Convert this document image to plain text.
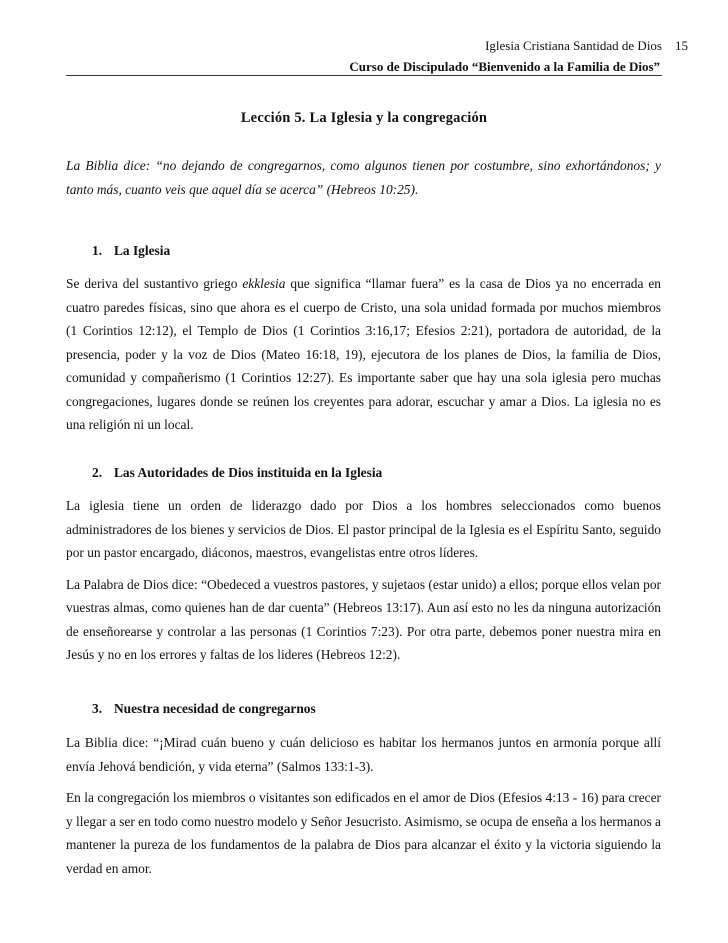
Iglesia Cristiana Santidad de Dios 15
Curso de Discipulado “Bienvenido a la Familia de Dios”
Lección 5. La Iglesia y la congregación

La Biblia dice: “no dejando de congregarnos, como algunos tienen por costumbre, sino exhortándonos; y tanto más, cuanto veis que aquel día se acerca” (Hebreos 10:25).

1. La Iglesia

Se deriva del sustantivo griego ekklesia que significa “llamar fuera” es la casa de Dios ya no encerrada en cuatro paredes físicas, sino que ahora es el cuerpo de Cristo, una sola unidad formada por muchos miembros (1 Corintios 12:12), el Templo de Dios (1 Corintios 3:16,17; Efesios 2:21), portadora de autoridad, de la presencia, poder y la voz de Dios (Mateo 16:18, 19), ejecutora de los planes de Dios, la familia de Dios, comunidad y compañerismo (1 Corintios 12:27). Es importante saber que hay una sola iglesia pero muchas congregaciones, lugares donde se reúnen los creyentes para adorar, escuchar y amar a Dios. La iglesia no es una religión ni un local.

2. Las Autoridades de Dios instituida en la Iglesia

La iglesia tiene un orden de liderazgo dado por Dios a los hombres seleccionados como buenos administradores de los bienes y servicios de Dios. El pastor principal de la Iglesia es el Espíritu Santo, seguido por un pastor encargado, diáconos, maestros, evangelistas entre otros líderes.

La Palabra de Dios dice: “Obedeced a vuestros pastores, y sujetaos (estar unido) a ellos; porque ellos velan por vuestras almas, como quienes han de dar cuenta” (Hebreos 13:17). Aun así esto no les da ninguna autorización de enseñorearse y controlar a las personas (1 Corintios 7:23). Por otra parte, debemos poner nuestra mira en Jesús y no en los errores y faltas de los lideres (Hebreos 12:2).

3. Nuestra necesidad de congregarnos

La Biblia dice: “¡Mirad cuán bueno y cuán delicioso es habitar los hermanos juntos en armonía porque allí envía Jehová bendición, y vida eterna” (Salmos 133:1-3).

En la congregación los miembros o visitantes son edificados en el amor de Dios (Efesios 4:13 - 16) para crecer y llegar a ser en todo como nuestro modelo y Señor Jesucristo. Asimismo, se ocupa de enseña a los hermanos a mantener la pureza de los fundamentos de la palabra de Dios para alcanzar el éxito y la victoria siguiendo la verdad en amor.
